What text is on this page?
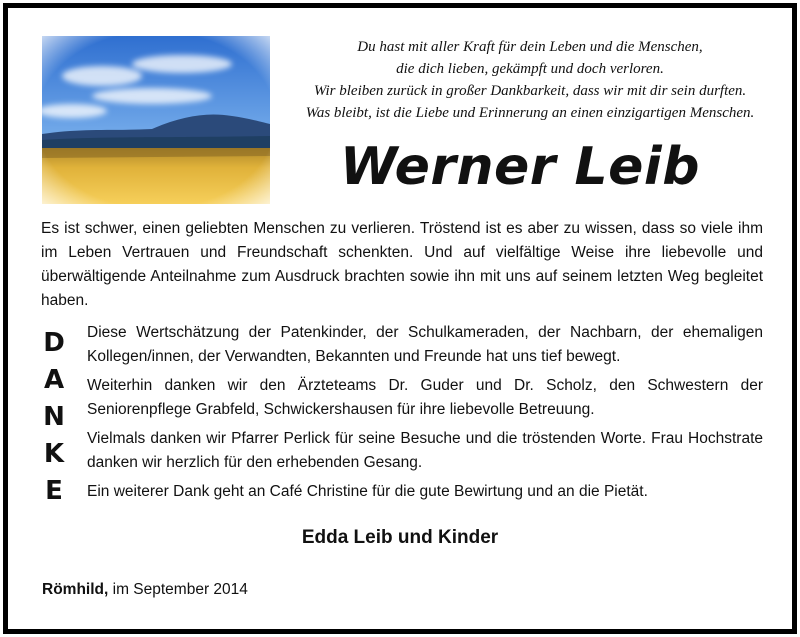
Du hast mit aller Kraft für dein Leben und die Menschen,
die dich lieben, gekämpft und doch verloren.
Wir bleiben zurück in großer Dankbarkeit, dass wir mit dir sein durften.
Was bleibt, ist die Liebe und Erinnerung an einen einzigartigen Menschen.
Werner Leib
Es ist schwer, einen geliebten Menschen zu verlieren. Tröstend ist es aber zu wissen, dass so viele ihm im Leben Vertrauen und Freundschaft schenkten. Und auf vielfältige Weise ihre liebevolle und überwältigende Anteilnahme zum Ausdruck brachten sowie ihn mit uns auf seinem letzten Weg begleitet haben.
D
A
N
K
E

Diese Wertschätzung der Patenkinder, der Schulkameraden, der Nachbarn, der ehemaligen Kollegen/innen, der Verwandten, Bekannten und Freunde hat uns tief bewegt.

Weiterhin danken wir den Ärzteteams Dr. Guder und Dr. Scholz, den Schwestern der Seniorenpflege Grabfeld, Schwickershausen für ihre liebevolle Betreuung.

Vielmals danken wir Pfarrer Perlick für seine Besuche und die tröstenden Worte. Frau Hochstrate danken wir herzlich für den erhebenden Gesang.

Ein weiterer Dank geht an Café Christine für die gute Bewirtung und an die Pietät.

Edda Leib und Kinder
Römhild, im September 2014
